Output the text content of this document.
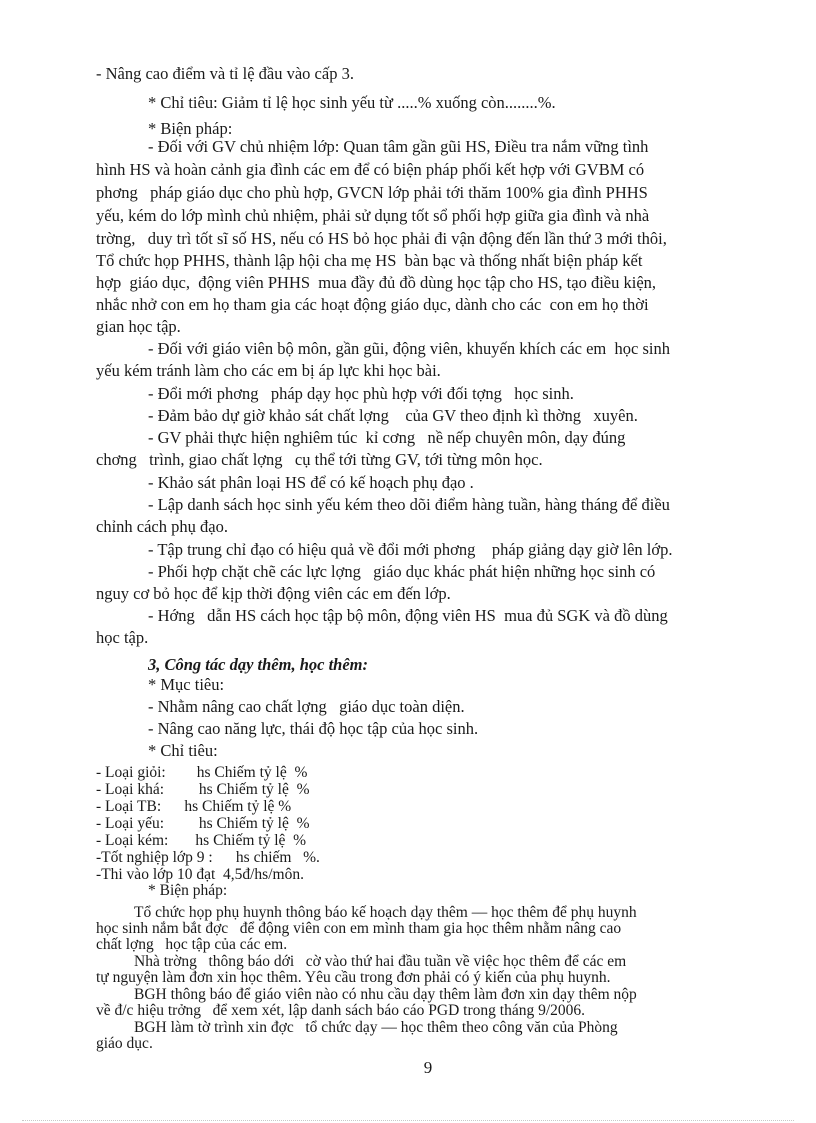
- Nâng cao điểm và tỉ lệ đầu vào cấp 3.
* Chỉ tiêu: Giảm tỉ lệ học sinh yếu từ .....% xuống còn........%.
* Biện pháp:
- Đối với GV chủ nhiệm lớp: Quan tâm gần gũi HS, Điều tra nắm vững tình
hình HS và hoàn cảnh gia đình các em để có biện pháp phối kết hợp với GVBM có
phơng   pháp giáo dục cho phù hợp, GVCN lớp phải tới thăm 100% gia đình PHHS
yếu, kém do lớp mình chủ nhiệm, phải sử dụng tốt sổ phối hợp giữa gia đình và nhà
trờng,   duy trì tốt sĩ số HS, nếu có HS bỏ học phải đi vận động đến lần thứ 3 mới thôi,
Tổ chức họp PHHS, thành lập hội cha mẹ HS  bàn bạc và thống nhất biện pháp kết
hợp  giáo dục,  động viên PHHS  mua đầy đủ đồ dùng học tập cho HS, tạo điều kiện,
nhắc nhở con em họ tham gia các hoạt động giáo dục, dành cho các  con em họ thời
gian học tập.
- Đối với giáo viên bộ môn, gần gũi, động viên, khuyến khích các em  học sinh
yếu kém tránh làm cho các em bị áp lực khi học bài.
- Đổi mới phơng   pháp dạy học phù hợp với đối tợng   học sinh.
- Đảm bảo dự giờ khảo sát chất lợng    của GV theo định kì thờng   xuyên.
- GV phải thực hiện nghiêm túc  kỉ cơng   nề nếp chuyên môn, dạy đúng
chơng   trình, giao chất lợng   cụ thể tới từng GV, tới từng môn học.
- Khảo sát phân loại HS để có kế hoạch phụ đạo .
- Lập danh sách học sinh yếu kém theo dõi điểm hàng tuần, hàng tháng để điều
chỉnh cách phụ đạo.
- Tập trung chỉ đạo có hiệu quả về đổi mới phơng    pháp giảng dạy giờ lên lớp.
- Phối hợp chặt chẽ các lực lợng   giáo dục khác phát hiện những học sinh có
nguy cơ bỏ học để kịp thời động viên các em đến lớp.
- Hớng   dẫn HS cách học tập bộ môn, động viên HS  mua đủ SGK và đồ dùng
học tập.
3, Công tác dạy thêm, học thêm:
* Mục tiêu:
- Nhằm nâng cao chất lợng   giáo dục toàn diện.
- Nâng cao năng lực, thái độ học tập của học sinh.
* Chỉ tiêu:
- Loại giỏi:        hs Chiếm tỷ lệ  %
- Loại khá:         hs Chiếm tỷ lệ  %
- Loại TB:      hs Chiếm tỷ lệ %
- Loại yếu:         hs Chiếm tỷ lệ  %
- Loại kém:       hs Chiếm tỷ lệ  %
-Tốt nghiệp lớp 9 :      hs chiếm   %.
-Thi vào lớp 10 đạt  4,5đ/hs/môn.
* Biện pháp:
Tổ chức họp phụ huynh thông báo kế hoạch dạy thêm — học thêm để phụ huynh
học sinh nắm bắt đợc   để động viên con em mình tham gia học thêm nhằm nâng cao
chất lợng   học tập của các em.
Nhà trờng   thông báo dới   cờ vào thứ hai đầu tuần về việc học thêm để các em
tự nguyện làm đơn xin học thêm. Yêu cầu trong đơn phải có ý kiến của phụ huynh.
BGH thông báo để giáo viên nào có nhu cầu dạy thêm làm đơn xin dạy thêm nộp
về đ/c hiệu trởng   để xem xét, lập danh sách báo cáo PGD trong tháng 9/2006.
BGH làm tờ trình xin đợc   tổ chức dạy — học thêm theo công văn của Phòng
giáo dục.
9
